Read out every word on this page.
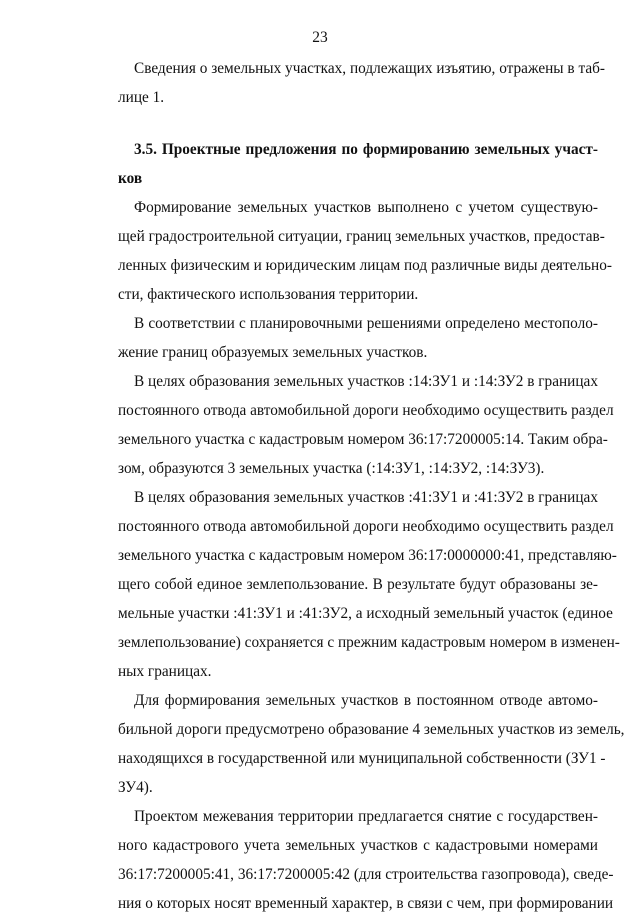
23
Сведения о земельных участках, подлежащих изъятию, отражены в таб-
лице 1.
3.5. Проектные предложения по формированию земельных участ-
ков
Формирование земельных участков выполнено с учетом существую-
щей градостроительной ситуации, границ земельных участков, предостав-
ленных физическим и юридическим лицам под различные виды деятельно-
сти, фактического использования территории.
В соответствии с планировочными решениями определено местополо-
жение границ образуемых земельных участков.
В целях образования земельных участков :14:ЗУ1 и :14:ЗУ2 в границах
постоянного отвода автомобильной дороги необходимо осуществить раздел
земельного участка с кадастровым номером 36:17:7200005:14. Таким обра-
зом, образуются 3 земельных участка (:14:ЗУ1, :14:ЗУ2, :14:ЗУ3).
В целях образования земельных участков :41:ЗУ1 и :41:ЗУ2 в границах
постоянного отвода автомобильной дороги необходимо осуществить раздел
земельного участка с кадастровым номером 36:17:0000000:41, представляю-
щего собой единое землепользование. В результате будут образованы зе-
мельные участки :41:ЗУ1 и :41:ЗУ2, а исходный земельный участок (единое
землепользование) сохраняется с прежним кадастровым номером в изменен-
ных границах.
Для формирования земельных участков в постоянном отводе автомо-
бильной дороги предусмотрено образование 4 земельных участков из земель,
находящихся в государственной или муниципальной собственности (ЗУ1 -
ЗУ4).
Проектом межевания территории предлагается снятие с государствен-
ного кадастрового учета земельных участков с кадастровыми номерами
36:17:7200005:41, 36:17:7200005:42 (для строительства газопровода), сведе-
ния о которых носят временный характер, в связи с чем, при формировании
